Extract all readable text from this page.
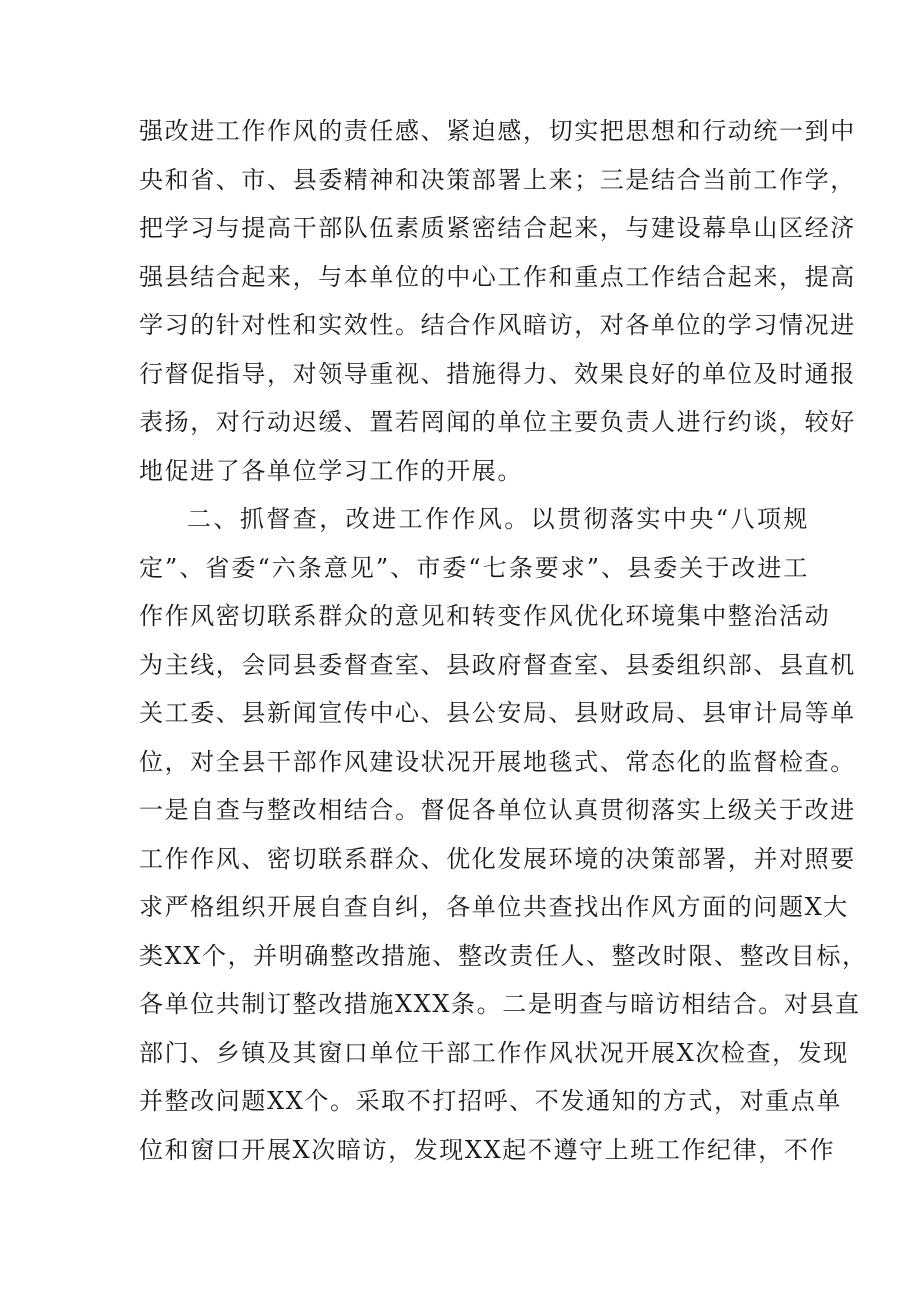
强改进工作作风的责任感、紧迫感，切实把思想和行动统一到中
央和省、市、县委精神和决策部署上来；三是结合当前工作学，
把学习与提高干部队伍素质紧密结合起来，与建设幕阜山区经济
强县结合起来，与本单位的中心工作和重点工作结合起来，提高
学习的针对性和实效性。结合作风暗访，对各单位的学习情况进
行督促指导，对领导重视、措施得力、效果良好的单位及时通报
表扬，对行动迟缓、置若罔闻的单位主要负责人进行约谈，较好
地促进了各单位学习工作的开展。
二、抓督查，改进工作作风。以贯彻落实中央“八项规
定”、省委“六条意见”、市委“七条要求”、县委关于改进工
作作风密切联系群众的意见和转变作风优化环境集中整治活动
为主线，会同县委督查室、县政府督查室、县委组织部、县直机
关工委、县新闻宣传中心、县公安局、县财政局、县审计局等单
位，对全县干部作风建设状况开展地毯式、常态化的监督检查。
一是自查与整改相结合。督促各单位认真贯彻落实上级关于改进
工作作风、密切联系群众、优化发展环境的决策部署，并对照要
求严格组织开展自查自纠，各单位共查找出作风方面的问题X大
类XX个，并明确整改措施、整改责任人、整改时限、整改目标，
各单位共制订整改措施XXX条。二是明查与暗访相结合。对县直
部门、乡镇及其窗口单位干部工作作风状况开展X次检查，发现
并整改问题XX个。采取不打招呼、不发通知的方式，对重点单
位和窗口开展X次暗访，发现XX起不遵守上班工作纪律，不作
